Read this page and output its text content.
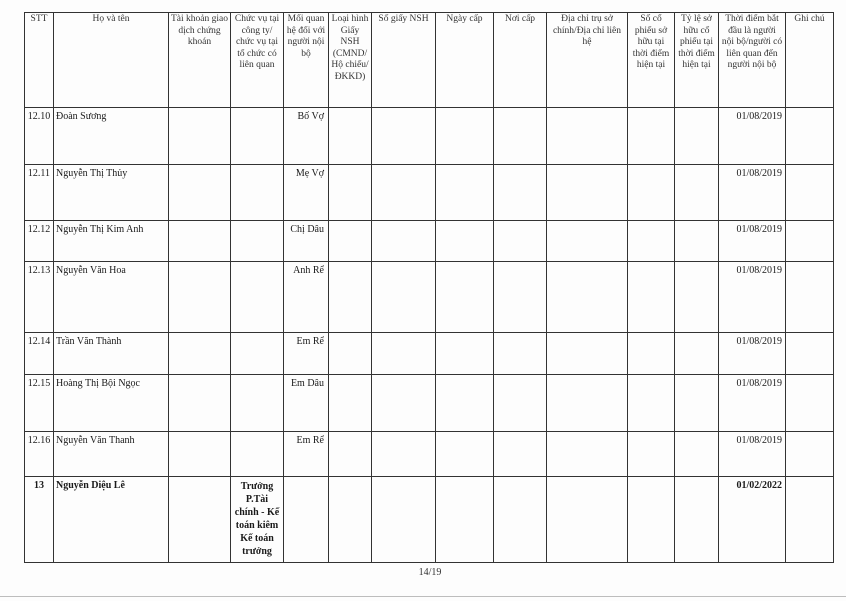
STT	Họ và tên	Tài khoản giao dịch chứng khoán	Chức vụ tại công ty/ chức vụ tại tổ chức có liên quan	Mối quan hệ đối với người nội bộ	Loại hình Giấy NSH (CMND/ Hộ chiếu/ ĐKKD)	Số giấy NSH	Ngày cấp	Nơi cấp	Địa chỉ trụ sở chính/Địa chỉ liên hệ	Số cổ phiếu sở hữu tại thời điểm hiện tại	Tỷ lệ sở hữu cổ phiếu tại thời điểm hiện tại	Thời điểm bắt đầu là người nội bộ/người có liên quan đến người nội bộ	Ghi chú
12.10	Đoàn Sương			Bố Vợ								01/08/2019	
12.11	Nguyễn Thị Thủy			Mẹ Vợ								01/08/2019	
12.12	Nguyễn Thị Kim Anh			Chị Dâu								01/08/2019	
12.13	Nguyễn Văn Hoa			Anh Rể								01/08/2019	
12.14	Trần Văn Thành			Em Rể								01/08/2019	
12.15	Hoàng Thị Bội Ngọc			Em Dâu								01/08/2019	
12.16	Nguyễn Văn Thanh			Em Rể								01/08/2019	
13	Nguyễn Diệu Lê		Trưởng P.Tài chính - Kế toán kiêm Kế toán trưởng									01/02/2022	
14/19
